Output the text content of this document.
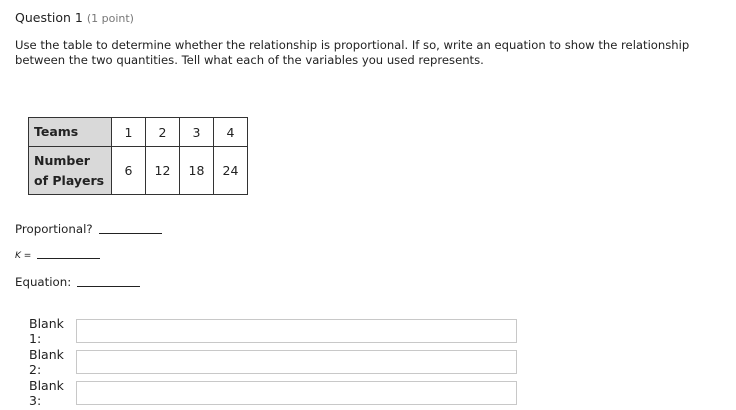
Question 1 (1 point)
Use the table to determine whether the relationship is proportional. If so, write an equation to show the relationship between the two quantities. Tell what each of the variables you used represents.
Teams	1	2	3	4

Number
of Players	6	12	18	24
Proportional?
K =
Equation:
Blank 1:
Blank 2:
Blank 3:
